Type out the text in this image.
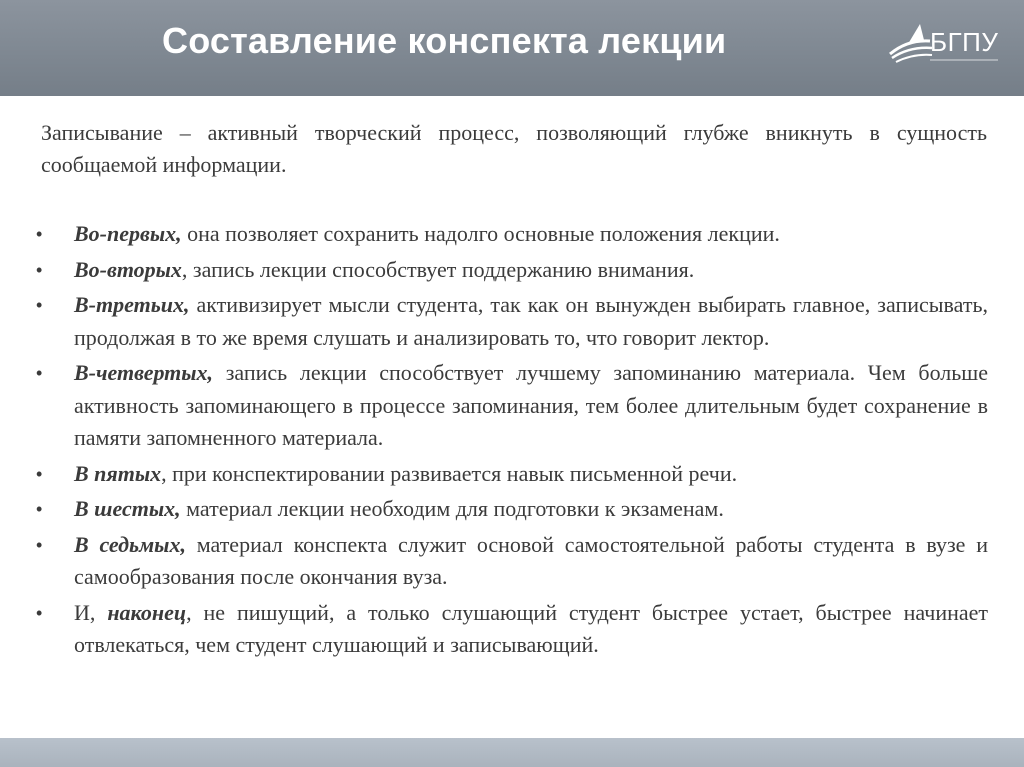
Составление конспекта лекции	БГПУ
Записывание – активный творческий процесс, позволяющий глубже вникнуть в сущность сообщаемой информации.
• Во-первых, она позволяет сохранить надолго основные положения лекции.
• Во-вторых, запись лекции способствует поддержанию внимания.
• В-третьих, активизирует мысли студента, так как он вынужден выбирать главное, записывать, продолжая в то же время слушать и анализировать то, что говорит лектор.
• В-четвертых, запись лекции способствует лучшему запоминанию материала. Чем больше активность запоминающего в процессе запоминания, тем более длительным будет сохранение в памяти запомненного материала.
• В пятых, при конспектировании развивается навык письменной речи.
• В шестых, материал лекции необходим для подготовки к экзаменам.
• В седьмых, материал конспекта служит основой самостоятельной работы студента в вузе и самообразования после окончания вуза.
• И, наконец, не пишущий, а только слушающий студент быстрее устает, быстрее начинает отвлекаться, чем студент слушающий и записывающий.
